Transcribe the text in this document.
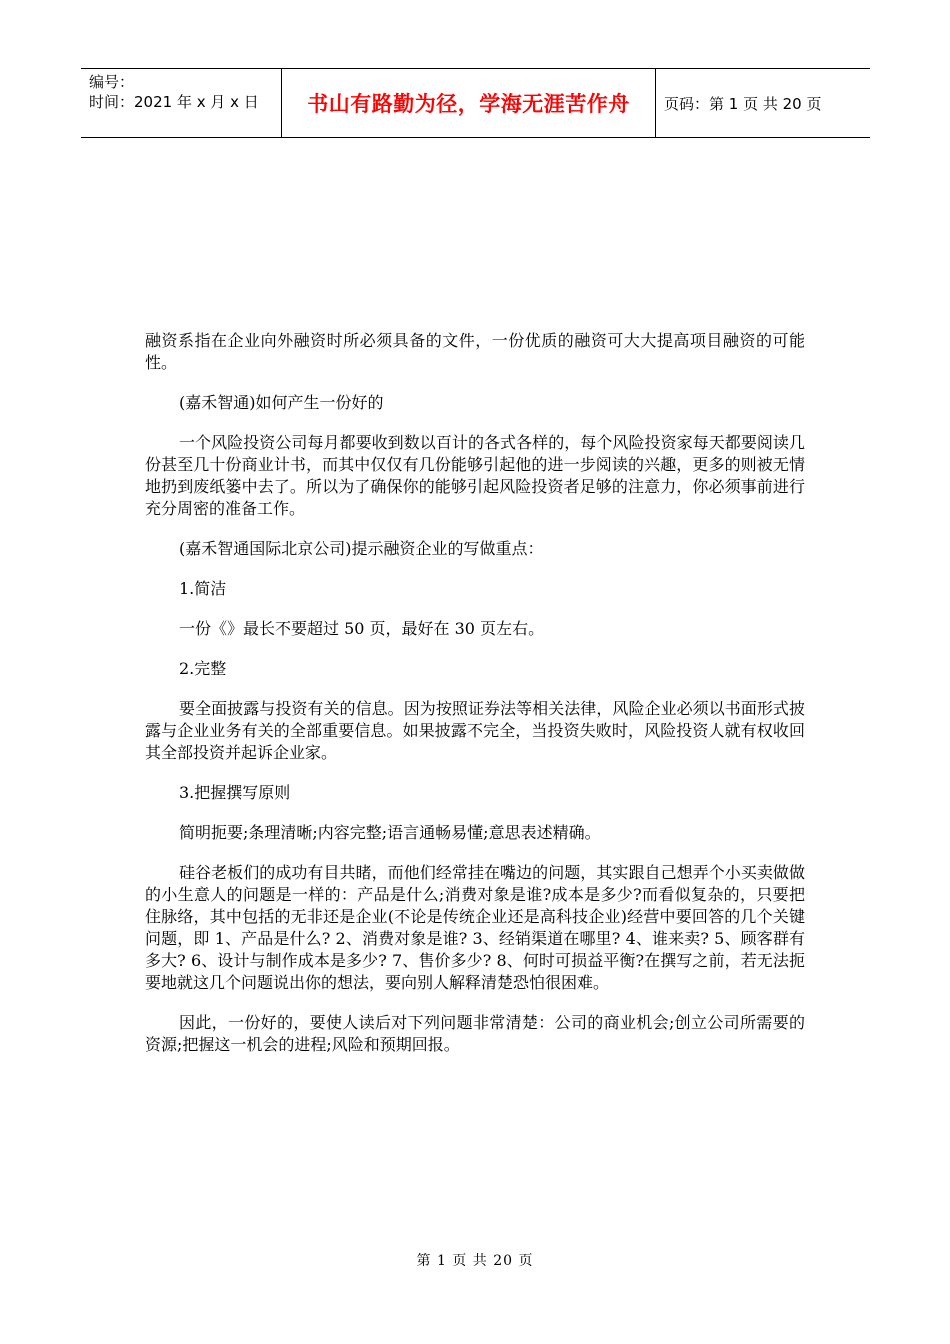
编号：
时间：2021 年 x 月 x 日	书山有路勤为径，学海无涯苦作舟	页码：第 1 页 共 20 页

融资系指在企业向外融资时所必须具备的文件，一份优质的融资可大大提高项目融资的可能性。

(嘉禾智通)如何产生一份好的

一个风险投资公司每月都要收到数以百计的各式各样的，每个风险投资家每天都要阅读几份甚至几十份商业计书，而其中仅仅有几份能够引起他的进一步阅读的兴趣，更多的则被无情地扔到废纸篓中去了。所以为了确保你的能够引起风险投资者足够的注意力，你必须事前进行充分周密的准备工作。

(嘉禾智通国际北京公司)提示融资企业的写做重点：

1.简洁

一份《》最长不要超过 50 页，最好在 30 页左右。

2.完整

要全面披露与投资有关的信息。因为按照证券法等相关法律，风险企业必须以书面形式披露与企业业务有关的全部重要信息。如果披露不完全，当投资失败时，风险投资人就有权收回其全部投资并起诉企业家。

3.把握撰写原则

简明扼要;条理清晰;内容完整;语言通畅易懂;意思表述精确。

硅谷老板们的成功有目共睹，而他们经常挂在嘴边的问题，其实跟自己想弄个小买卖做做的小生意人的问题是一样的：产品是什么;消费对象是谁?成本是多少?而看似复杂的，只要把住脉络，其中包括的无非还是企业(不论是传统企业还是高科技企业)经营中要回答的几个关键问题，即 1、产品是什么? 2、消费对象是谁? 3、经销渠道在哪里? 4、谁来卖? 5、顾客群有多大? 6、设计与制作成本是多少? 7、售价多少? 8、何时可损益平衡?在撰写之前，若无法扼要地就这几个问题说出你的想法，要向别人解释清楚恐怕很困难。

因此，一份好的，要使人读后对下列问题非常清楚：公司的商业机会;创立公司所需要的资源;把握这一机会的进程;风险和预期回报。

第 1 页 共 20 页
